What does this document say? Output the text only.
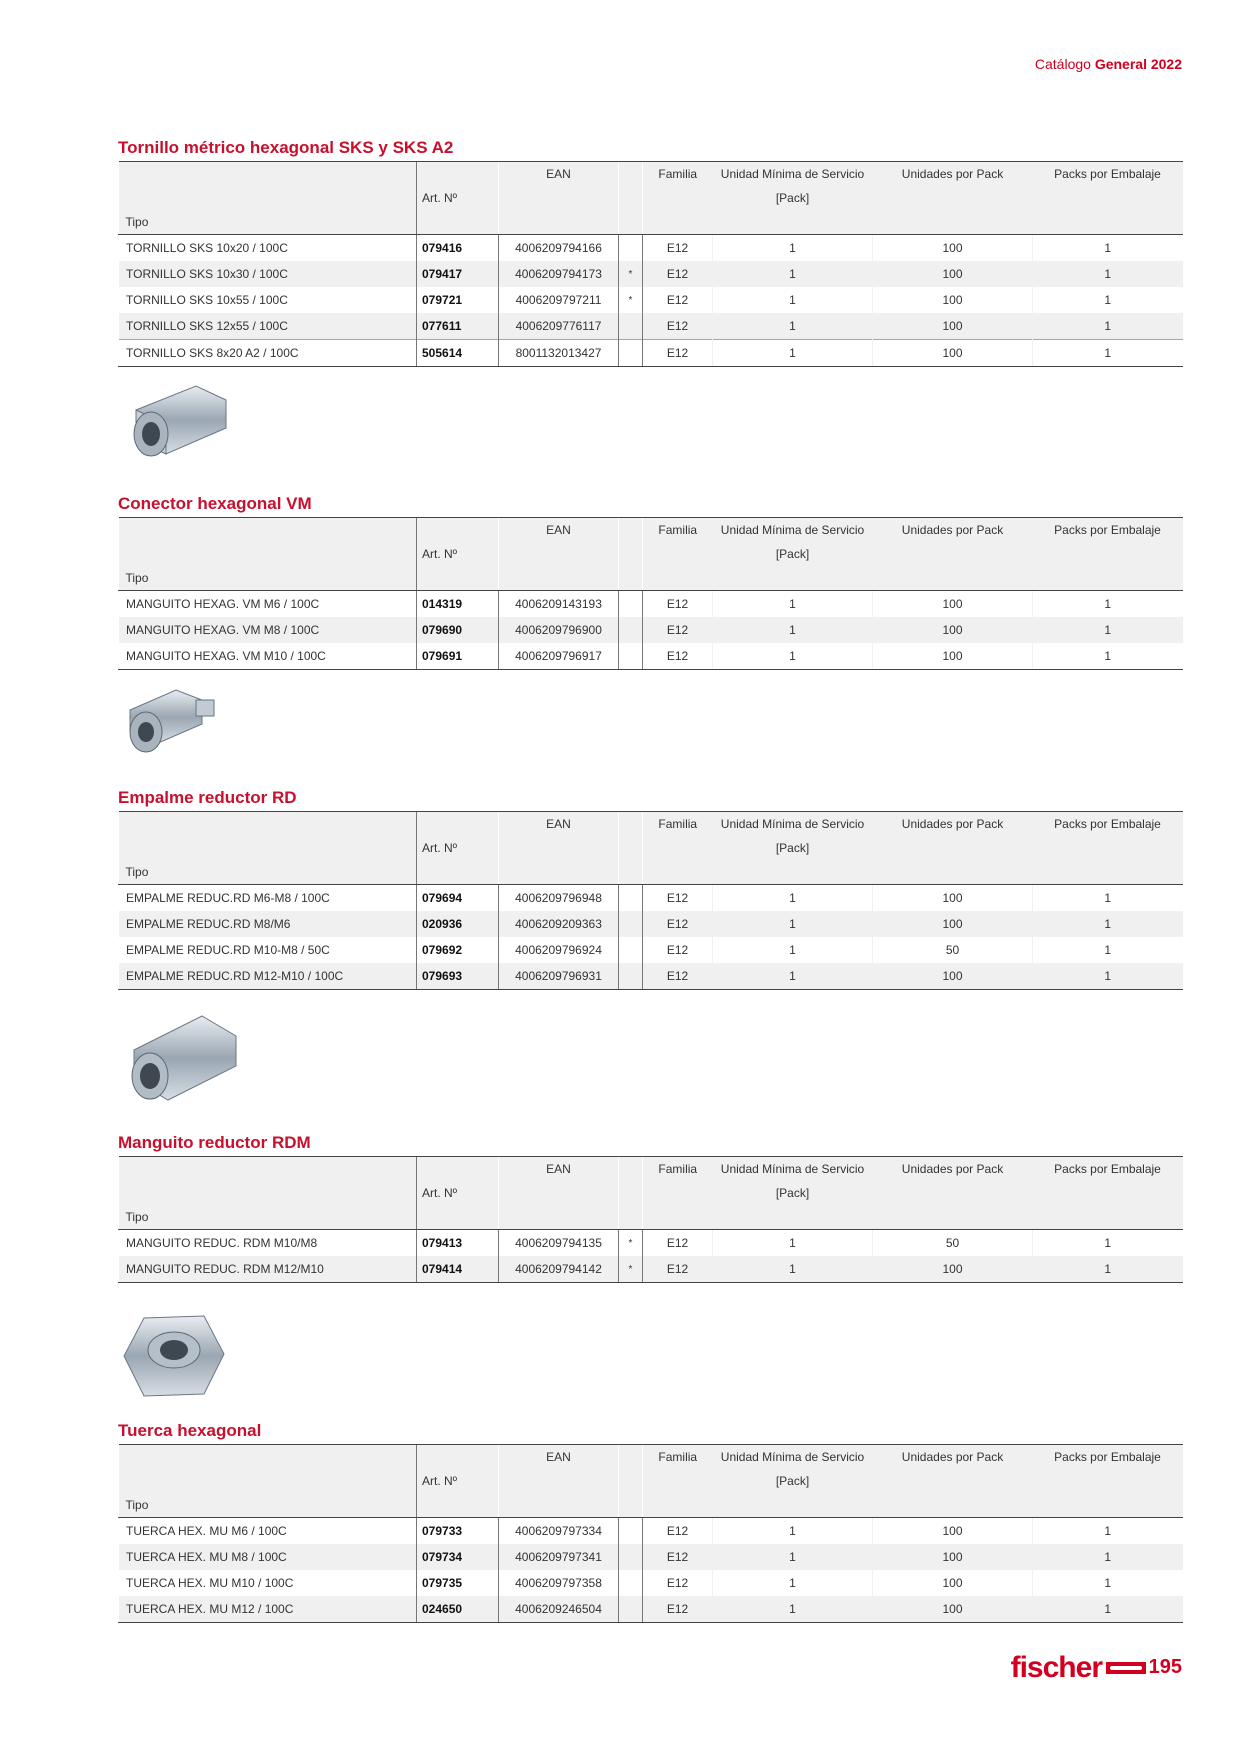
Catálogo General 2022
Tornillo métrico hexagonal SKS y SKS A2
		EAN		Familia	Unidad Mínima de Servicio	Unidades por Pack	Packs por Embalaje
	Art. Nº				[Pack]		
Tipo							
TORNILLO SKS 10x20 / 100C	079416	4006209794166		E12	1	100	1
TORNILLO SKS 10x30 / 100C	079417	4006209794173	*	E12	1	100	1
TORNILLO SKS 10x55 / 100C	079721	4006209797211	*	E12	1	100	1
TORNILLO SKS 12x55 / 100C	077611	4006209776117		E12	1	100	1
TORNILLO SKS 8x20 A2 / 100C	505614	8001132013427		E12	1	100	1
Conector hexagonal VM
		EAN		Familia	Unidad Mínima de Servicio	Unidades por Pack	Packs por Embalaje
	Art. Nº				[Pack]		
Tipo							
MANGUITO HEXAG. VM M6 / 100C	014319	4006209143193		E12	1	100	1
MANGUITO HEXAG. VM M8 / 100C	079690	4006209796900		E12	1	100	1
MANGUITO HEXAG. VM M10 / 100C	079691	4006209796917		E12	1	100	1
Empalme reductor RD
		EAN		Familia	Unidad Mínima de Servicio	Unidades por Pack	Packs por Embalaje
	Art. Nº				[Pack]		
Tipo							
EMPALME REDUC.RD M6-M8 / 100C	079694	4006209796948		E12	1	100	1
EMPALME REDUC.RD M8/M6	020936	4006209209363		E12	1	100	1
EMPALME REDUC.RD M10-M8 / 50C	079692	4006209796924		E12	1	50	1
EMPALME REDUC.RD M12-M10 / 100C	079693	4006209796931		E12	1	100	1
Manguito reductor RDM
		EAN		Familia	Unidad Mínima de Servicio	Unidades por Pack	Packs por Embalaje
	Art. Nº				[Pack]		
Tipo							
MANGUITO REDUC. RDM M10/M8	079413	4006209794135	*	E12	1	50	1
MANGUITO REDUC. RDM M12/M10	079414	4006209794142	*	E12	1	100	1
Tuerca hexagonal
		EAN		Familia	Unidad Mínima de Servicio	Unidades por Pack	Packs por Embalaje
	Art. Nº				[Pack]		
Tipo							
TUERCA HEX. MU M6 / 100C	079733	4006209797334		E12	1	100	1
TUERCA HEX. MU M8 / 100C	079734	4006209797341		E12	1	100	1
TUERCA HEX. MU M10 / 100C	079735	4006209797358		E12	1	100	1
TUERCA HEX. MU M12 / 100C	024650	4006209246504		E12	1	100	1
fischer 195
